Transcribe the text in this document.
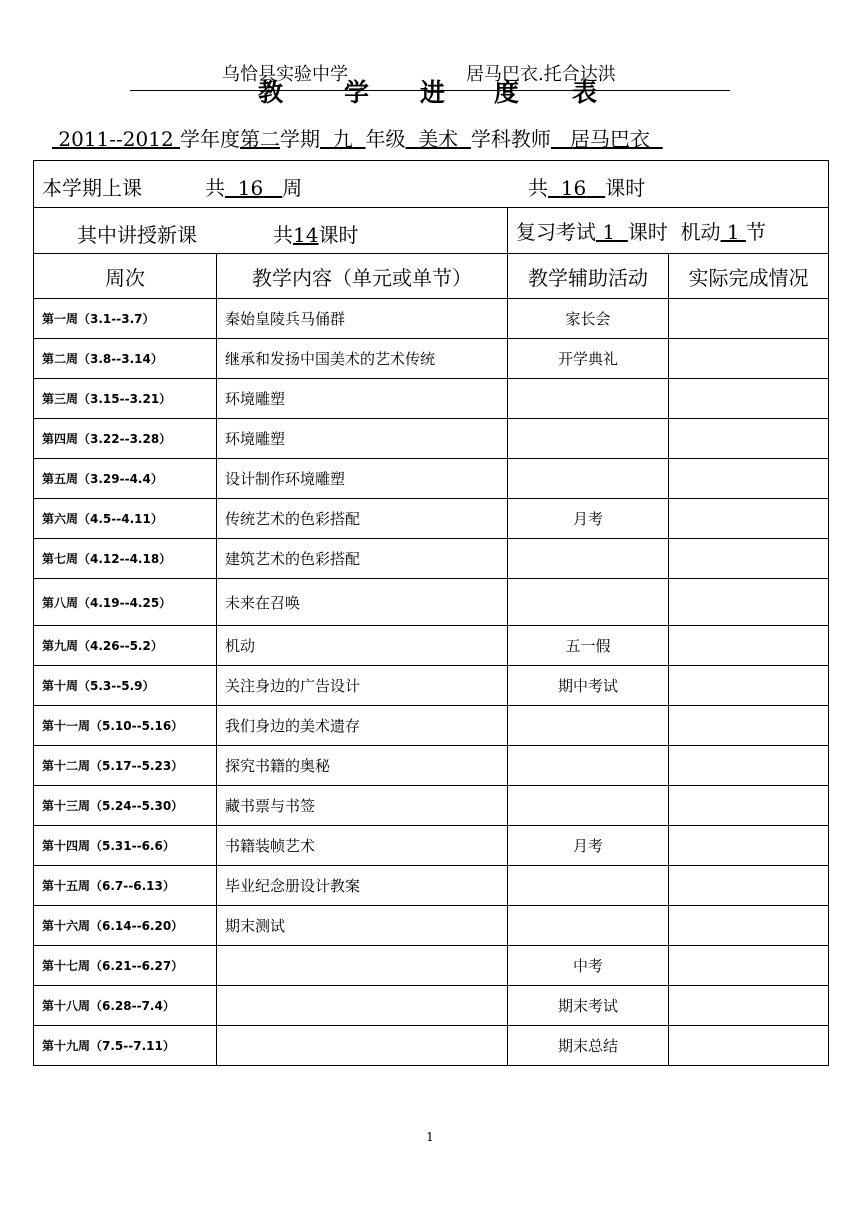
乌恰县实验中学	居马巴衣.托合达洪
教 学 进 度 表
2011--2012 学年度第二学期 九 年级 美术 学科教师 居马巴衣
本学期上课 共 16 周 共 16 课时			

其中讲授新课 共14课时		复习考试 1 课时 机动 1 节	
周次	教学内容（单元或单节）	教学辅助活动	实际完成情况
第一周（3.1--3.7）	秦始皇陵兵马俑群	家长会	
第二周（3.8--3.14）	继承和发扬中国美术的艺术传统	开学典礼	
第三周（3.15--3.21）	环境雕塑		
第四周（3.22--3.28）	环境雕塑		
第五周（3.29--4.4）	设计制作环境雕塑		
第六周（4.5--4.11）	传统艺术的色彩搭配	月考	
第七周（4.12--4.18）	建筑艺术的色彩搭配		
第八周（4.19--4.25）	未来在召唤		
第九周（4.26--5.2）	机动	五一假	
第十周（5.3--5.9）	关注身边的广告设计	期中考试	
第十一周（5.10--5.16）	我们身边的美术遗存		
第十二周（5.17--5.23）	探究书籍的奥秘		
第十三周（5.24--5.30）	藏书票与书签		
第十四周（5.31--6.6）	书籍装帧艺术	月考	
第十五周（6.7--6.13）	毕业纪念册设计教案		
第十六周（6.14--6.20）	期末测试		
第十七周（6.21--6.27）		中考	
第十八周（6.28--7.4）		期末考试	
第十九周（7.5--7.11）		期末总结	
1
